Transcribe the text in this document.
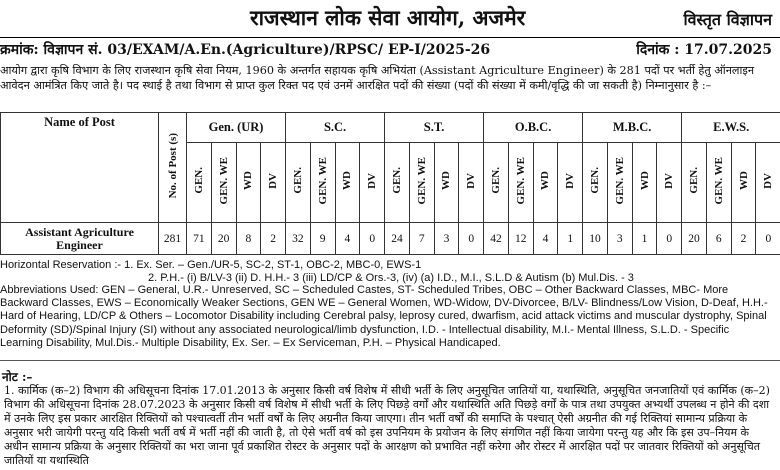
राजस्थान लोक सेवा आयोग, अजमेर	विस्तृत विज्ञापन
क्रमांक: विज्ञापन सं. 03/EXAM/A.En.(Agriculture)/RPSC/ EP-I/2025-26	दिनांक : 17.07.2025
आयोग द्वारा कृषि विभाग के लिए राजस्थान कृषि सेवा नियम, 1960 के अन्तर्गत सहायक कृषि अभियंता (Assistant Agriculture Engineer) के 281 पदों पर भर्ती हेतु ऑनलाइन आवेदन आमंत्रित किए जाते है। पद स्थाई है तथा विभाग से प्राप्त कुल रिक्त पद एवं उनमें आरक्षित पदों की संख्या (पदों की संख्या में कमी/वृद्धि की जा सकती है) निम्नानुसार है :–
Name of Post	No. of Post (s)	Gen. (UR)				S.C.				S.T.				O.B.C.				M.B.C.				E.W.S.			
		GEN.	GEN. WE	WD	DV	GEN.	GEN. WE	WD	DV	GEN.	GEN. WE	WD	DV	GEN.	GEN. WE	WD	DV	GEN.	GEN. WE	WD	DV	GEN.	GEN. WE	WD	DV
Assistant Agriculture Engineer	281	71	20	8	2	32	9	4	0	24	7	3	0	42	12	4	1	10	3	1	0	20	6	2	0
Horizontal Reservation :- 1. Ex. Ser. – Gen./UR-5, SC-2, ST-1, OBC-2, MBC-0, EWS-1
2. P.H.- (i) B/LV-3 (ii) D. H.H.- 3 (iii) LD/CP & Ors.-3, (iv) (a) I.D., M.I., S.L.D & Autism (b) Mul.Dis. - 3
Abbreviations Used: GEN – General, U.R.- Unreserved, SC – Scheduled Castes, ST- Scheduled Tribes, OBC – Other Backward Classes, MBC- More Backward Classes, EWS – Economically Weaker Sections, GEN WE – General Women, WD-Widow, DV-Divorcee, B/LV- Blindness/Low Vision, D-Deaf, H.H.-Hard of Hearing, LD/CP & Others – Locomotor Disability including Cerebral palsy, leprosy cured, dwarfism, acid attack victims and muscular dystrophy, Spinal Deformity (SD)/Spinal Injury (SI) without any associated neurological/limb dysfunction, I.D. - Intellectual disability, M.I.- Mental Illness, S.L.D. - Specific Learning Disability, Mul.Dis.- Multiple Disability, Ex. Ser. – Ex Serviceman, P.H. – Physical Handicaped.
नोट :–
1. कार्मिक (क–2) विभाग की अधिसूचना दिनांक 17.01.2013 के अनुसार किसी वर्ष विशेष में सीधी भर्ती के लिए अनुसूचित जातियों या, यथास्थिति, अनुसूचित जनजातियों एवं कार्मिक (क–2) विभाग की अधिसूचना दिनांक 28.07.2023 के अनुसार किसी वर्ष विशेष में सीधी भर्ती के लिए पिछड़े वर्गों और यथास्थिति अति पिछड़े वर्गों के पात्र तथा उपयुक्त अभ्यर्थी उपलब्ध न होने की दशा में उनके लिए इस प्रकार आरक्षित रिक्तियों को पश्चात्वर्ती तीन भर्ती वर्षों के लिए अग्रनीत किया जाएगा। तीन भर्ती वर्षों की समाप्ति के पश्चात् ऐसी अग्रनीत की गई रिक्तियां सामान्य प्रक्रिया के अनुसार भरी जायेगी परन्तु यदि किसी भर्ती वर्ष में भर्ती नहीं की जाती है, तो ऐसे भर्ती वर्ष को इस उपनियम के प्रयोजन के लिए संगणित नहीं किया जायेगा परन्तु यह और कि इस उप–नियम के अधीन सामान्य प्रक्रिया के अनुसार रिक्तियों का भरा जाना पूर्व प्रकाशित रोस्टर के अनुसार पदों के आरक्षण को प्रभावित नहीं करेगा और रोस्टर में आरक्षित पदों पर जातवार रिक्तियों को अनुसूचित जातियों या यथास्थिति
